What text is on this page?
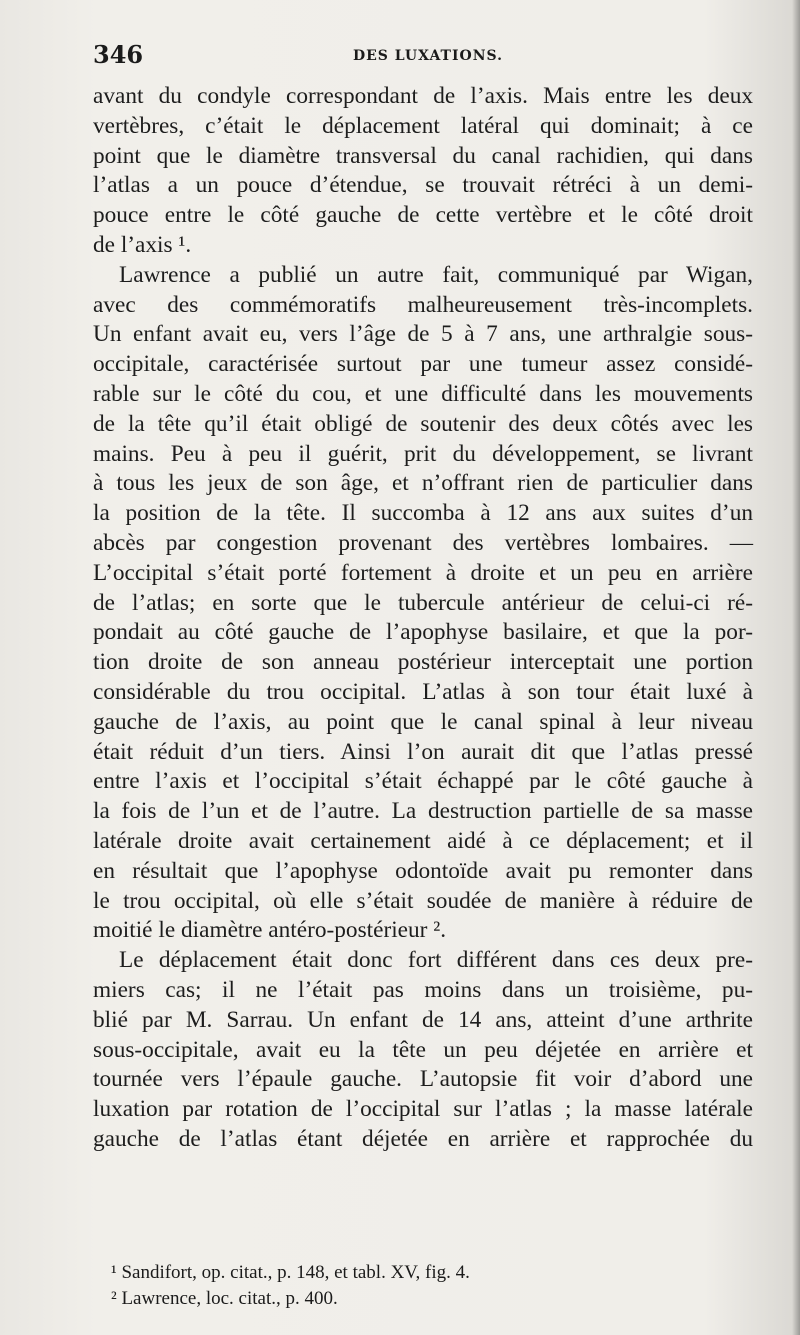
346	DES LUXATIONS.
avant du condyle correspondant de l’axis. Mais entre les deux
vertèbres, c’était le déplacement latéral qui dominait; à ce
point que le diamètre transversal du canal rachidien, qui dans
l’atlas a un pouce d’étendue, se trouvait rétréci à un demi-
pouce entre le côté gauche de cette vertèbre et le côté droit
de l’axis ¹.
Lawrence a publié un autre fait, communiqué par Wigan,
avec des commémoratifs malheureusement très-incomplets.
Un enfant avait eu, vers l’âge de 5 à 7 ans, une arthralgie sous-
occipitale, caractérisée surtout par une tumeur assez considé-
rable sur le côté du cou, et une difficulté dans les mouvements
de la tête qu’il était obligé de soutenir des deux côtés avec les
mains. Peu à peu il guérit, prit du développement, se livrant
à tous les jeux de son âge, et n’offrant rien de particulier dans
la position de la tête. Il succomba à 12 ans aux suites d’un
abcès par congestion provenant des vertèbres lombaires. —
L’occipital s’était porté fortement à droite et un peu en arrière
de l’atlas; en sorte que le tubercule antérieur de celui-ci ré-
pondait au côté gauche de l’apophyse basilaire, et que la por-
tion droite de son anneau postérieur interceptait une portion
considérable du trou occipital. L’atlas à son tour était luxé à
gauche de l’axis, au point que le canal spinal à leur niveau
était réduit d’un tiers. Ainsi l’on aurait dit que l’atlas pressé
entre l’axis et l’occipital s’était échappé par le côté gauche à
la fois de l’un et de l’autre. La destruction partielle de sa masse
latérale droite avait certainement aidé à ce déplacement; et il
en résultait que l’apophyse odontoïde avait pu remonter dans
le trou occipital, où elle s’était soudée de manière à réduire de
moitié le diamètre antéro-postérieur ².
Le déplacement était donc fort différent dans ces deux pre-
miers cas; il ne l’était pas moins dans un troisième, pu-
blié par M. Sarrau. Un enfant de 14 ans, atteint d’une arthrite
sous-occipitale, avait eu la tête un peu déjetée en arrière et
tournée vers l’épaule gauche. L’autopsie fit voir d’abord une
luxation par rotation de l’occipital sur l’atlas ; la masse latérale
gauche de l’atlas étant déjetée en arrière et rapprochée du
¹ Sandifort, op. citat., p. 148, et tabl. XV, fig. 4.
² Lawrence, loc. citat., p. 400.
